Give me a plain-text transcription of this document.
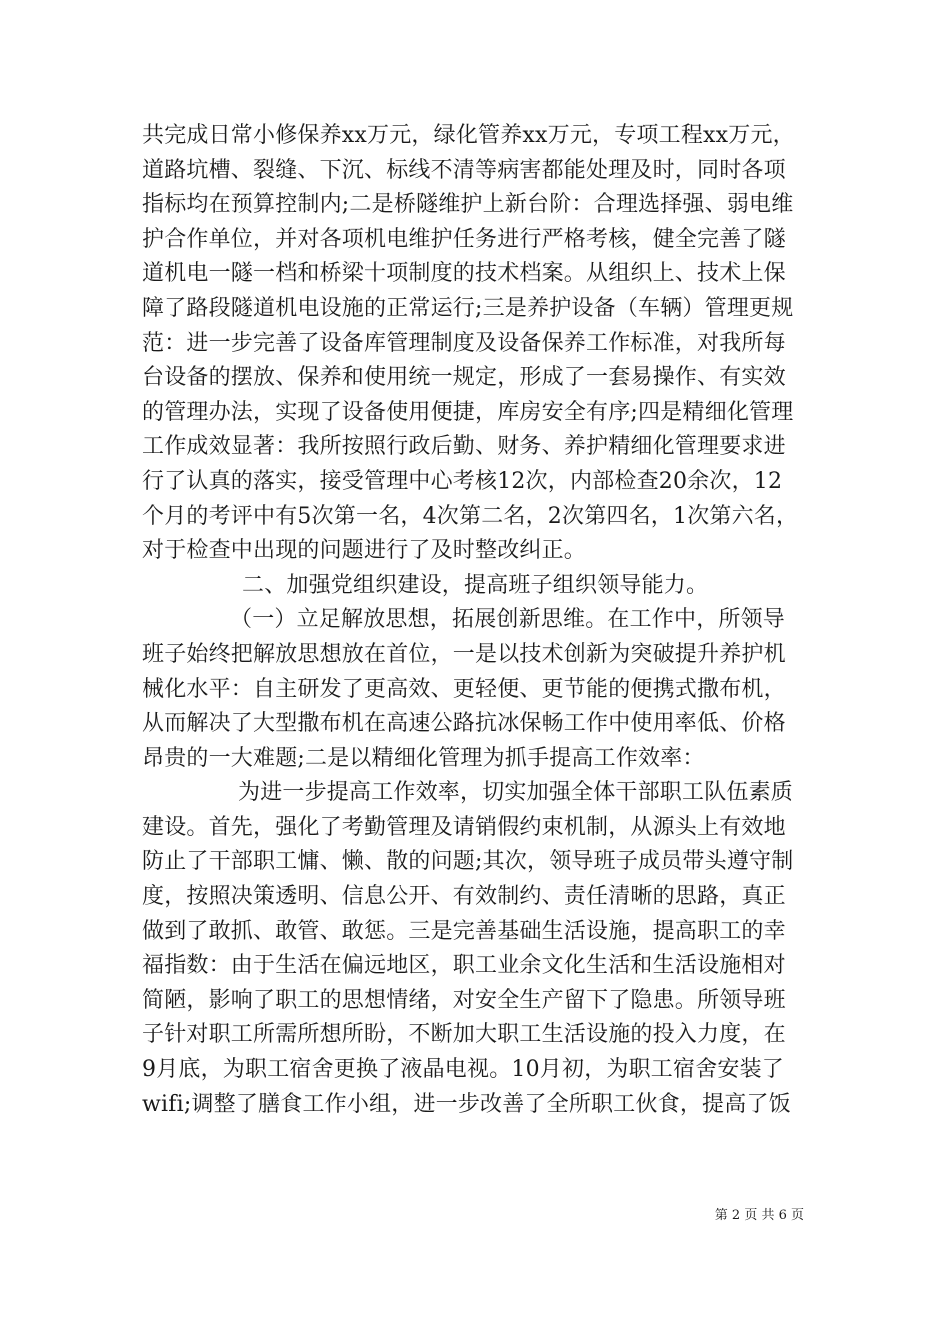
共完成日常小修保养xx万元，绿化管养xx万元，专项工程xx万元，
道路坑槽、裂缝、下沉、标线不清等病害都能处理及时，同时各项
指标均在预算控制内;二是桥隧维护上新台阶：合理选择强、弱电维
护合作单位，并对各项机电维护任务进行严格考核，健全完善了隧
道机电一隧一档和桥梁十项制度的技术档案。从组织上、技术上保
障了路段隧道机电设施的正常运行;三是养护设备（车辆）管理更规
范：进一步完善了设备库管理制度及设备保养工作标准，对我所每
台设备的摆放、保养和使用统一规定，形成了一套易操作、有实效
的管理办法，实现了设备使用便捷，库房安全有序;四是精细化管理
工作成效显著：我所按照行政后勤、财务、养护精细化管理要求进
行了认真的落实，接受管理中心考核12次，内部检查20余次，12
个月的考评中有5次第一名，4次第二名，2次第四名，1次第六名，
对于检查中出现的问题进行了及时整改纠正。
二、加强党组织建设，提高班子组织领导能力。
（一）立足解放思想，拓展创新思维。在工作中，所领导
班子始终把解放思想放在首位，一是以技术创新为突破提升养护机
械化水平：自主研发了更高效、更轻便、更节能的便携式撒布机，
从而解决了大型撒布机在高速公路抗冰保畅工作中使用率低、价格
昂贵的一大难题;二是以精细化管理为抓手提高工作效率：
为进一步提高工作效率，切实加强全体干部职工队伍素质
建设。首先，强化了考勤管理及请销假约束机制，从源头上有效地
防止了干部职工慵、懒、散的问题;其次，领导班子成员带头遵守制
度，按照决策透明、信息公开、有效制约、责任清晰的思路，真正
做到了敢抓、敢管、敢惩。三是完善基础生活设施，提高职工的幸
福指数：由于生活在偏远地区，职工业余文化生活和生活设施相对
简陋，影响了职工的思想情绪，对安全生产留下了隐患。所领导班
子针对职工所需所想所盼，不断加大职工生活设施的投入力度，在
9月底，为职工宿舍更换了液晶电视。10月初，为职工宿舍安装了
wifi;调整了膳食工作小组，进一步改善了全所职工伙食，提高了饭
第 2 页 共 6 页
